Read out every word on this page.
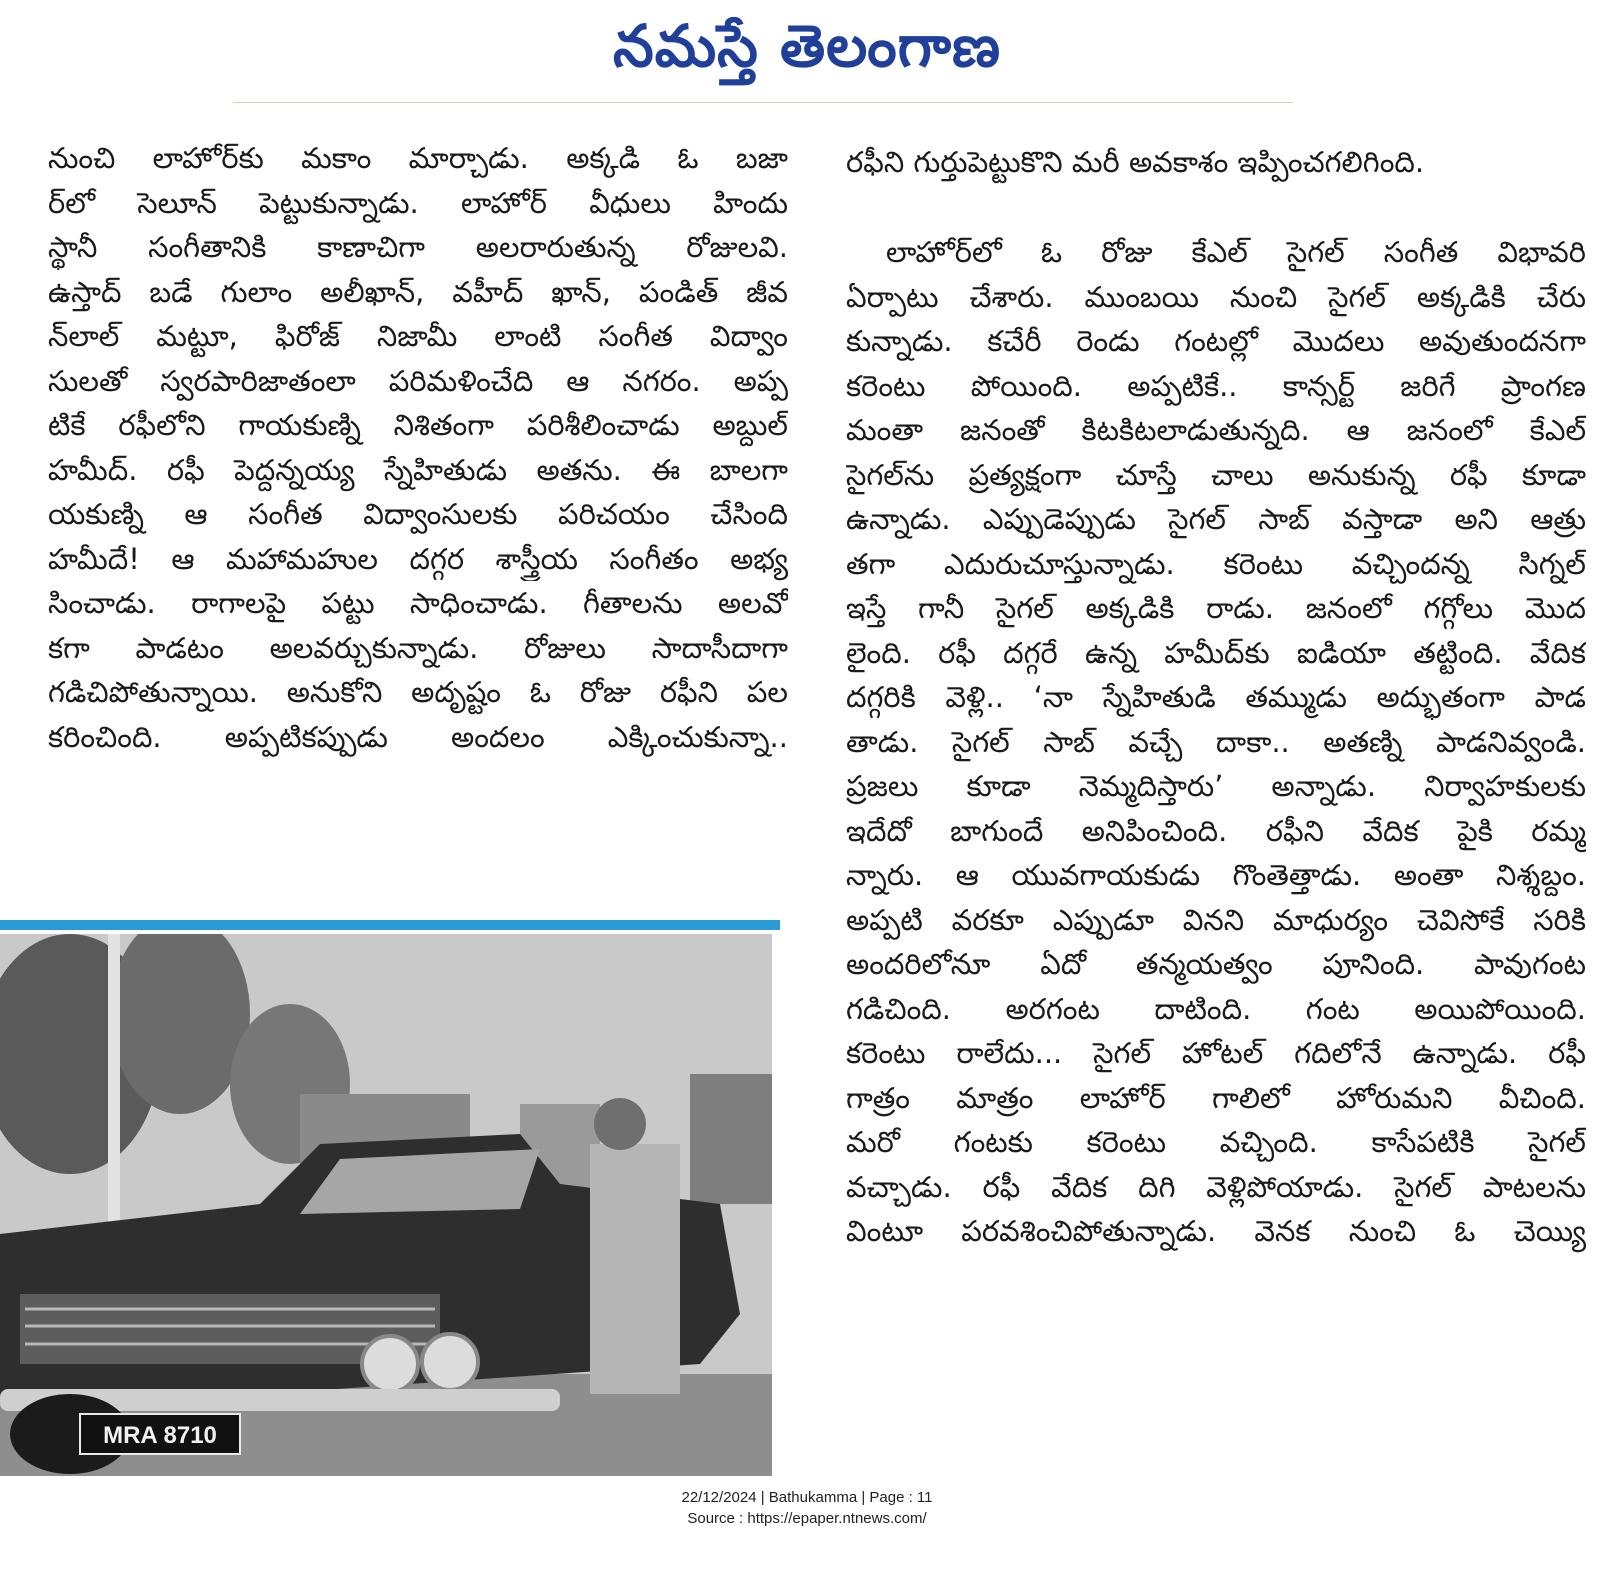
నమస్తే తెలంగాణ
నుంచి లాహోర్‌కు మకాం మార్చాడు. అక్కడి ఓ బజా
ర్‌లో సెలూన్ పెట్టుకున్నాడు. లాహోర్ వీధులు హిందు
స్థానీ సంగీతానికి కాణాచిగా అలరారుతున్న రోజులవి.
ఉస్తాద్ బడే గులాం అలీఖాన్, వహీద్ ఖాన్, పండిత్ జీవ
న్‌లాల్ మట్టూ, ఫిరోజ్ నిజామీ లాంటి సంగీత విద్వాం
సులతో స్వరపారిజాతంలా పరిమళించేది ఆ నగరం. అప్ప
టికే రఫీలోని గాయకుణ్ని నిశితంగా పరిశీలించాడు అబ్దుల్
హమీద్. రఫీ పెద్దన్నయ్య స్నేహితుడు అతను. ఈ బాలగా
యకుణ్ని ఆ సంగీత విద్వాంసులకు పరిచయం చేసింది
హమీదే! ఆ మహామహుల దగ్గర శాస్త్రీయ సంగీతం అభ్య
సించాడు. రాగాలపై పట్టు సాధించాడు. గీతాలను అలవో
కగా పాడటం అలవర్చుకున్నాడు. రోజులు సాదాసీదాగా
గడిచిపోతున్నాయి. అనుకోని అదృష్టం ఓ రోజు రఫీని పల
కరించింది. అప్పటికప్పుడు అందలం ఎక్కించుకున్నా..
రఫీని గుర్తుపెట్టుకొని మరీ అవకాశం ఇప్పించగలిగింది.
లాహోర్‌లో ఓ రోజు కేఎల్ సైగల్ సంగీత విభావరి
ఏర్పాటు చేశారు. ముంబయి నుంచి సైగల్ అక్కడికి చేరు
కున్నాడు. కచేరీ రెండు గంటల్లో మొదలు అవుతుందనగా
కరెంటు పోయింది. అప్పటికే.. కాన్సర్ట్ జరిగే ప్రాంగణ
మంతా జనంతో కిటకిటలాడుతున్నది. ఆ జనంలో కేఎల్
సైగల్‌ను ప్రత్యక్షంగా చూస్తే చాలు అనుకున్న రఫీ కూడా
ఉన్నాడు. ఎప్పుడెప్పుడు సైగల్ సాబ్ వస్తాడా అని ఆత్రు
తగా ఎదురుచూస్తున్నాడు. కరెంటు వచ్చిందన్న సిగ్నల్
ఇస్తే గానీ సైగల్ అక్కడికి రాడు. జనంలో గగ్గోలు మొద
లైంది. రఫీ దగ్గరే ఉన్న హమీద్‌కు ఐడియా తట్టింది. వేదిక
దగ్గరికి వెళ్లి.. ‘నా స్నేహితుడి తమ్ముడు అద్భుతంగా పాడ
తాడు. సైగల్ సాబ్ వచ్చే దాకా.. అతణ్ని పాడనివ్వండి.
ప్రజలు కూడా నెమ్మదిస్తారు’ అన్నాడు. నిర్వాహకులకు
ఇదేదో బాగుందే అనిపించింది. రఫీని వేదిక పైకి రమ్మ
న్నారు. ఆ యువగాయకుడు గొంతెత్తాడు. అంతా నిశ్శబ్దం.
అప్పటి వరకూ ఎప్పుడూ వినని మాధుర్యం చెవిసోకే సరికి
అందరిలోనూ ఏదో తన్మయత్వం పూనింది. పావుగంట
గడిచింది. అరగంట దాటింది. గంట అయిపోయింది.
కరెంటు రాలేదు... సైగల్ హోటల్ గదిలోనే ఉన్నాడు. రఫీ
గాత్రం మాత్రం లాహోర్ గాలిలో హోరుమని వీచింది.
మరో గంటకు కరెంటు వచ్చింది. కాసేపటికి సైగల్
వచ్చాడు. రఫీ వేదిక దిగి వెళ్లిపోయాడు. సైగల్ పాటలను
వింటూ పరవశించిపోతున్నాడు. వెనక నుంచి ఓ చెయ్యి
MRA 8710
22/12/2024 | Bathukamma | Page : 11
Source : https://epaper.ntnews.com/
